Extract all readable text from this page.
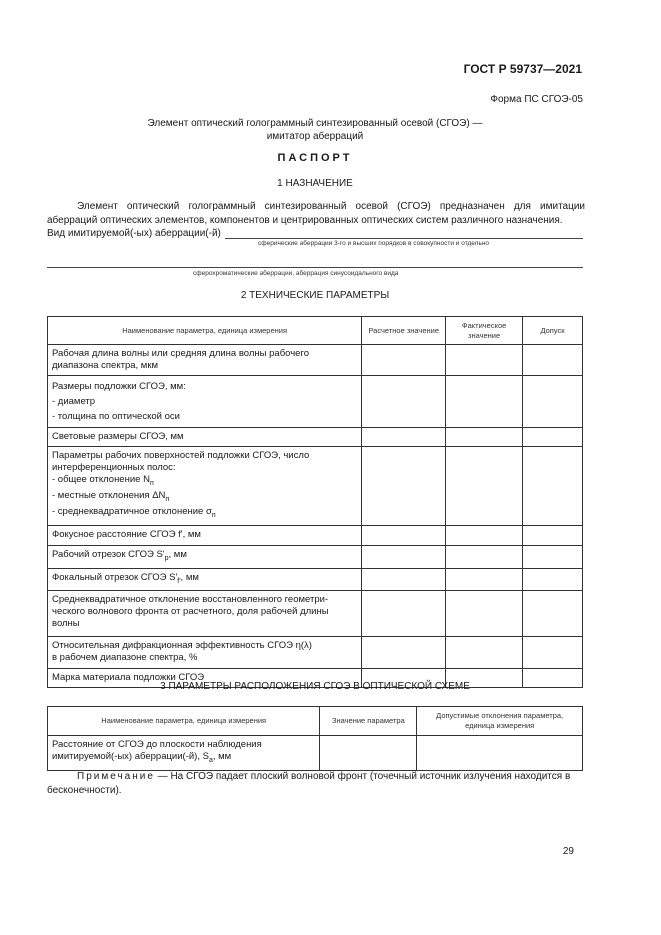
ГОСТ Р 59737—2021
Форма ПС СГОЭ-05
Элемент оптический голограммный синтезированный осевой (СГОЭ) —
имитатор аберраций
ПАСПОРТ
1 НАЗНАЧЕНИЕ
Элемент оптический голограммный синтезированный осевой (СГОЭ) предназначен для имитации аберраций оптических элементов, компонентов и центрированных оптических систем различного назначения.
Вид имитируемой(-ых) аберрации(-й)
сферические аберрации 3-го и высших порядков в совокупности и отдельно
сферохроматические аберрации, аберрация синусоидального вида
2 ТЕХНИЧЕСКИЕ ПАРАМЕТРЫ
Наименование параметра, единица измерения	Расчетное значение	Фактическое значение	Допуск

Рабочая длина волны или средняя длина волны рабочего
диапазона спектра, мкм			

Размеры подложки СГОЭ, мм:
- диаметр
- толщина по оптической оси			

Световые размеры СГОЭ, мм			

Параметры рабочих поверхностей подложки СГОЭ, число
интерференционных полос:
- общее отклонение $N_п$
- местные отклонения $\Delta N_п$
- среднеквадратичное отклонение $\sigma_п$

Фокусное расстояние СГОЭ f', мм			
Рабочий отрезок СГОЭ $S'_р$, мм			
Фокальный отрезок СГОЭ $S'_{f'}$, мм			

Среднеквадратичное отклонение восстановленного геометри-
ческого волнового фронта от расчетного, доля рабочей длины
волны			

Относительная дифракционная эффективность СГОЭ η(λ)
в рабочем диапазоне спектра, %			

Марка материала подложки СГОЭ			

3 ПАРАМЕТРЫ РАСПОЛОЖЕНИЯ СГОЭ В ОПТИЧЕСКОЙ СХЕМЕ
Наименование параметра, единица измерения	Значение параметра	Допустимые отклонения параметра, единица измерения

Расстояние от СГОЭ до плоскости наблюдения
имитируемой(-ых) аберрации(-й), $S_а$, мм		

Примечание — На СГОЭ падает плоский волновой фронт (точечный источник излучения находится в бесконечности).
29
